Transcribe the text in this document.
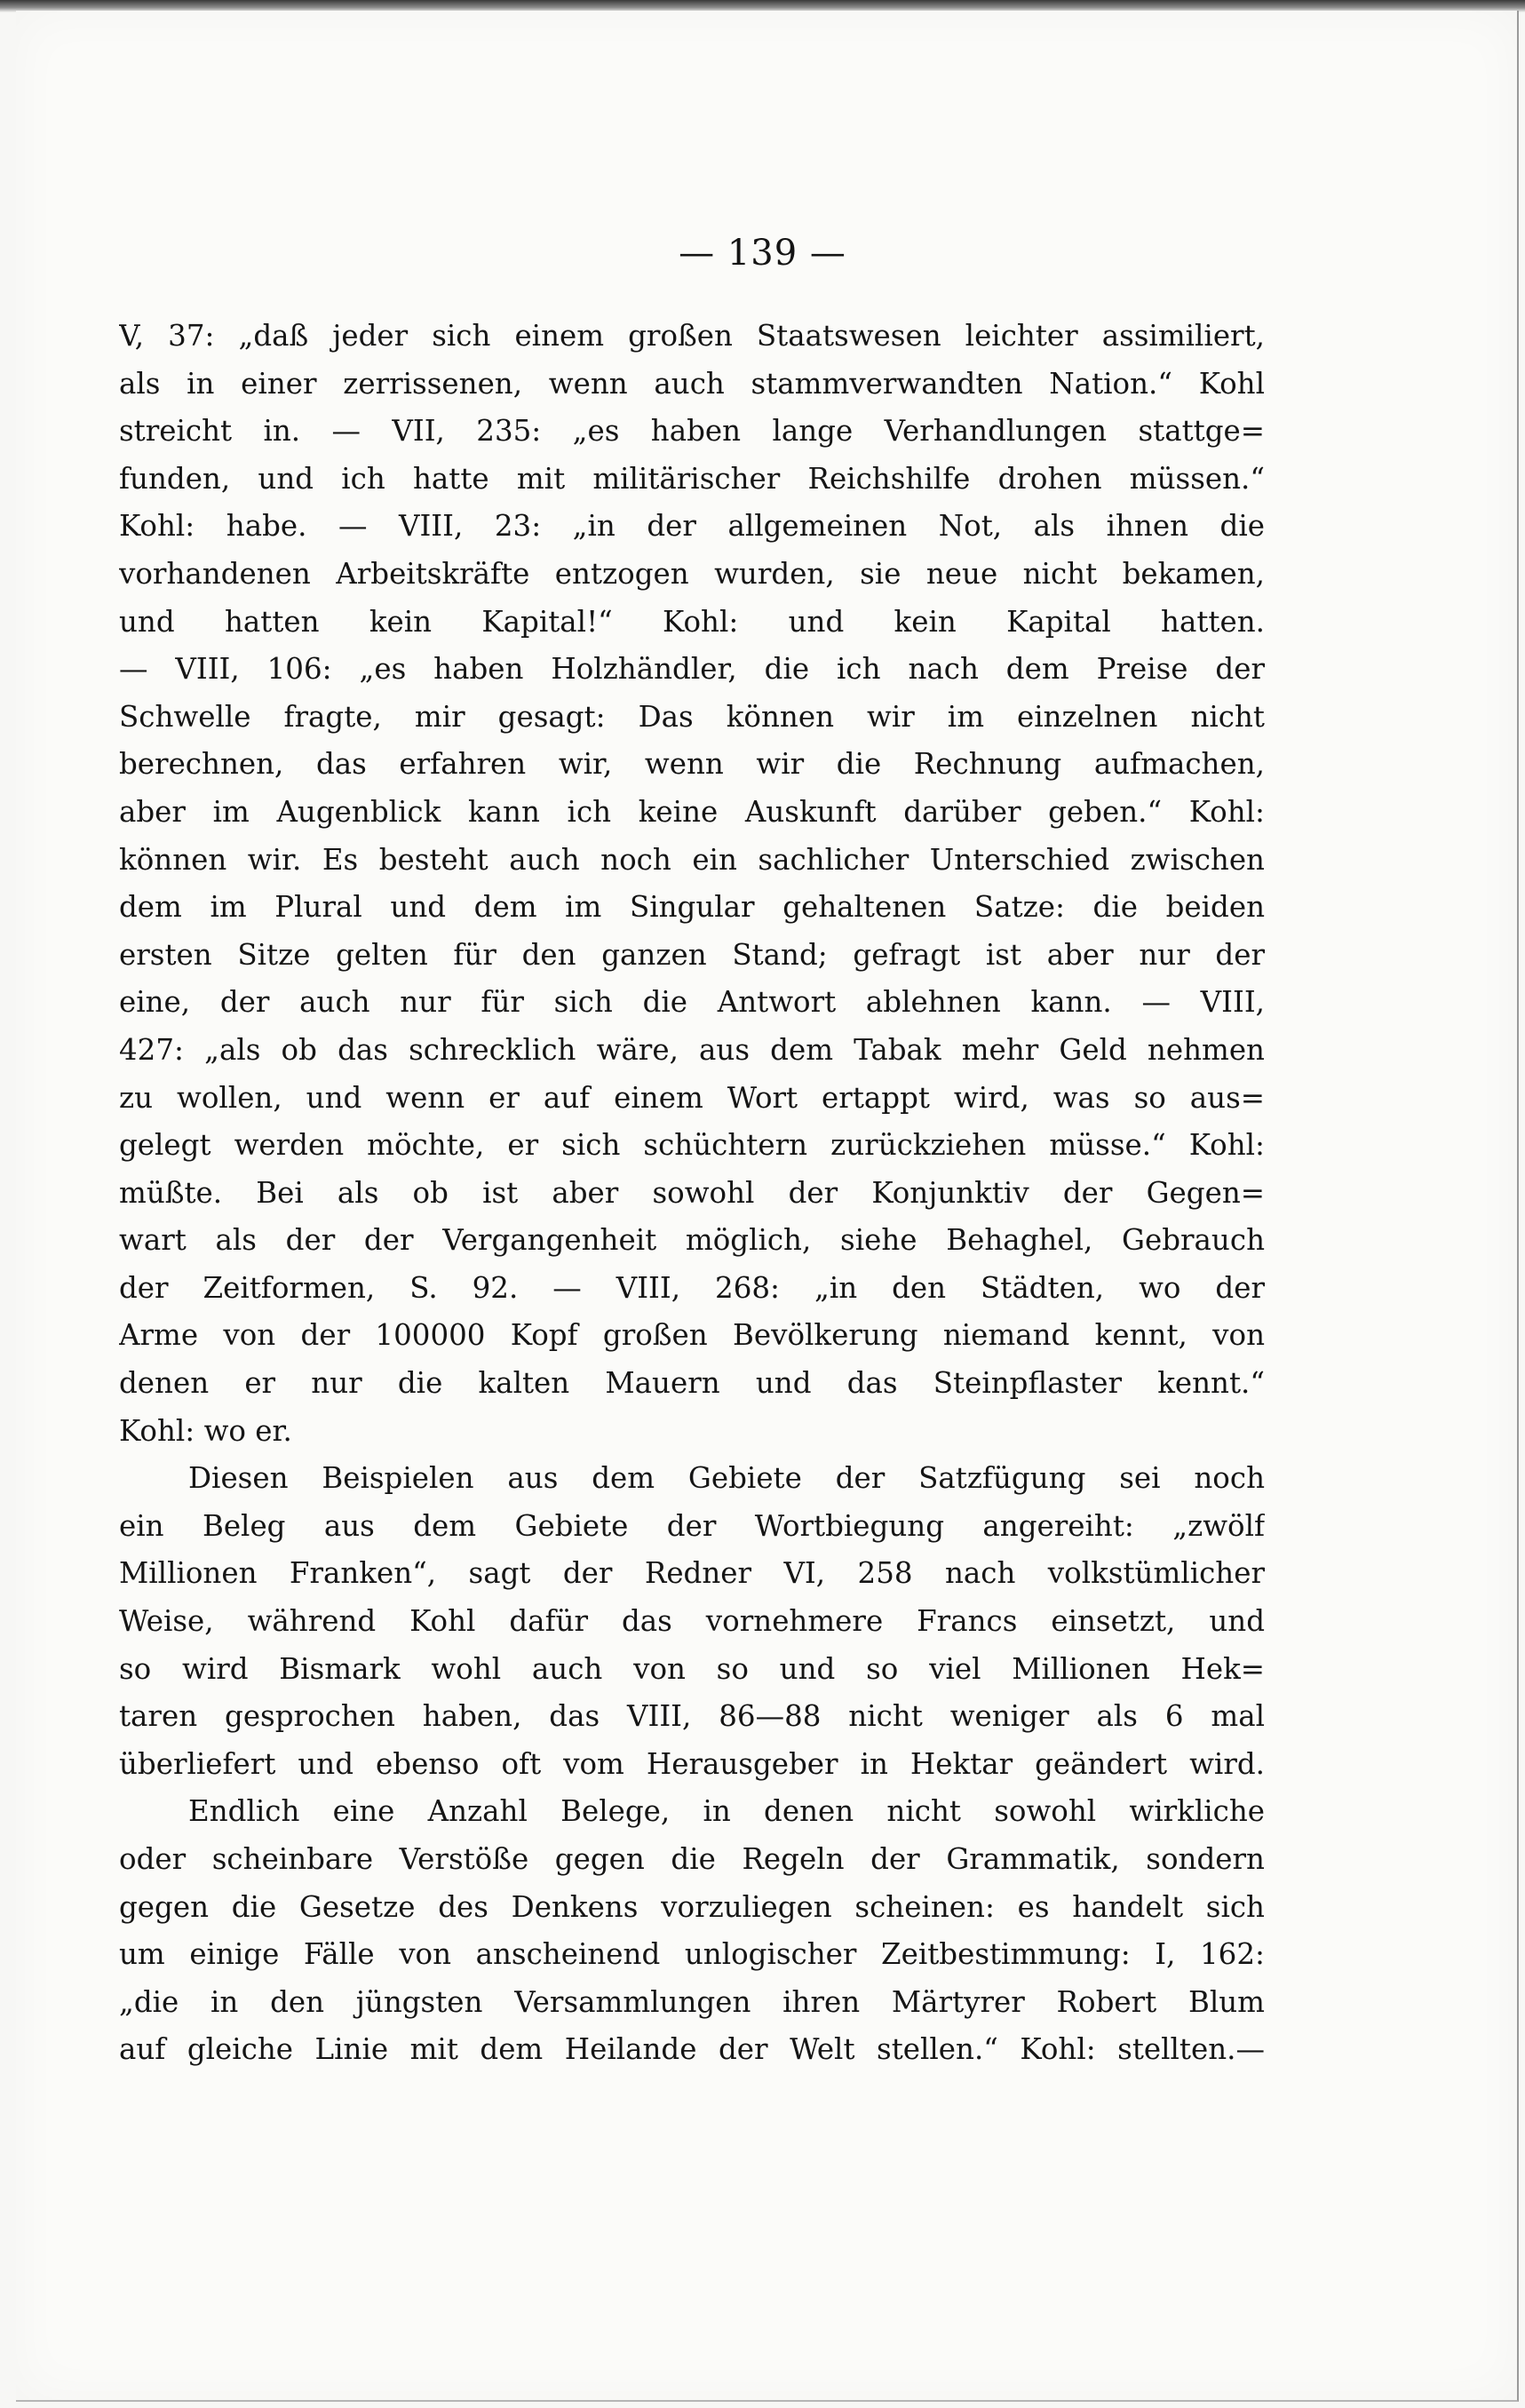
— 139 —
V, 37: „daß jeder sich einem großen Staatswesen leichter assimiliert,
als in einer zerrissenen, wenn auch stammverwandten Nation.“ Kohl
streicht in. — VII, 235: „es haben lange Verhandlungen stattge=
funden, und ich hatte mit militärischer Reichshilfe drohen müssen.“
Kohl: habe. — VIII, 23: „in der allgemeinen Not, als ihnen die
vorhandenen Arbeitskräfte entzogen wurden, sie neue nicht bekamen,
und hatten kein Kapital!“ Kohl: und kein Kapital hatten.
— VIII, 106: „es haben Holzhändler, die ich nach dem Preise der
Schwelle fragte, mir gesagt: Das können wir im einzelnen nicht
berechnen, das erfahren wir, wenn wir die Rechnung aufmachen,
aber im Augenblick kann ich keine Auskunft darüber geben.“ Kohl:
können wir. Es besteht auch noch ein sachlicher Unterschied zwischen
dem im Plural und dem im Singular gehaltenen Satze: die beiden
ersten Sitze gelten für den ganzen Stand; gefragt ist aber nur der
eine, der auch nur für sich die Antwort ablehnen kann. — VIII,
427: „als ob das schrecklich wäre, aus dem Tabak mehr Geld nehmen
zu wollen, und wenn er auf einem Wort ertappt wird, was so aus=
gelegt werden möchte, er sich schüchtern zurückziehen müsse.“ Kohl:
müßte. Bei als ob ist aber sowohl der Konjunktiv der Gegen=
wart als der der Vergangenheit möglich, siehe Behaghel, Gebrauch
der Zeitformen, S. 92. — VIII, 268: „in den Städten, wo der
Arme von der 100000 Kopf großen Bevölkerung niemand kennt, von
denen er nur die kalten Mauern und das Steinpflaster kennt.“
Kohl: wo er.
Diesen Beispielen aus dem Gebiete der Satzfügung sei noch
ein Beleg aus dem Gebiete der Wortbiegung angereiht: „zwölf
Millionen Franken“, sagt der Redner VI, 258 nach volkstümlicher
Weise, während Kohl dafür das vornehmere Francs einsetzt, und
so wird Bismark wohl auch von so und so viel Millionen Hek=
taren gesprochen haben, das VIII, 86—88 nicht weniger als 6 mal
überliefert und ebenso oft vom Herausgeber in Hektar geändert wird.
Endlich eine Anzahl Belege, in denen nicht sowohl wirkliche
oder scheinbare Verstöße gegen die Regeln der Grammatik, sondern
gegen die Gesetze des Denkens vorzuliegen scheinen: es handelt sich
um einige Fälle von anscheinend unlogischer Zeitbestimmung: I, 162:
„die in den jüngsten Versammlungen ihren Märtyrer Robert Blum
auf gleiche Linie mit dem Heilande der Welt stellen.“ Kohl: stellten.—
